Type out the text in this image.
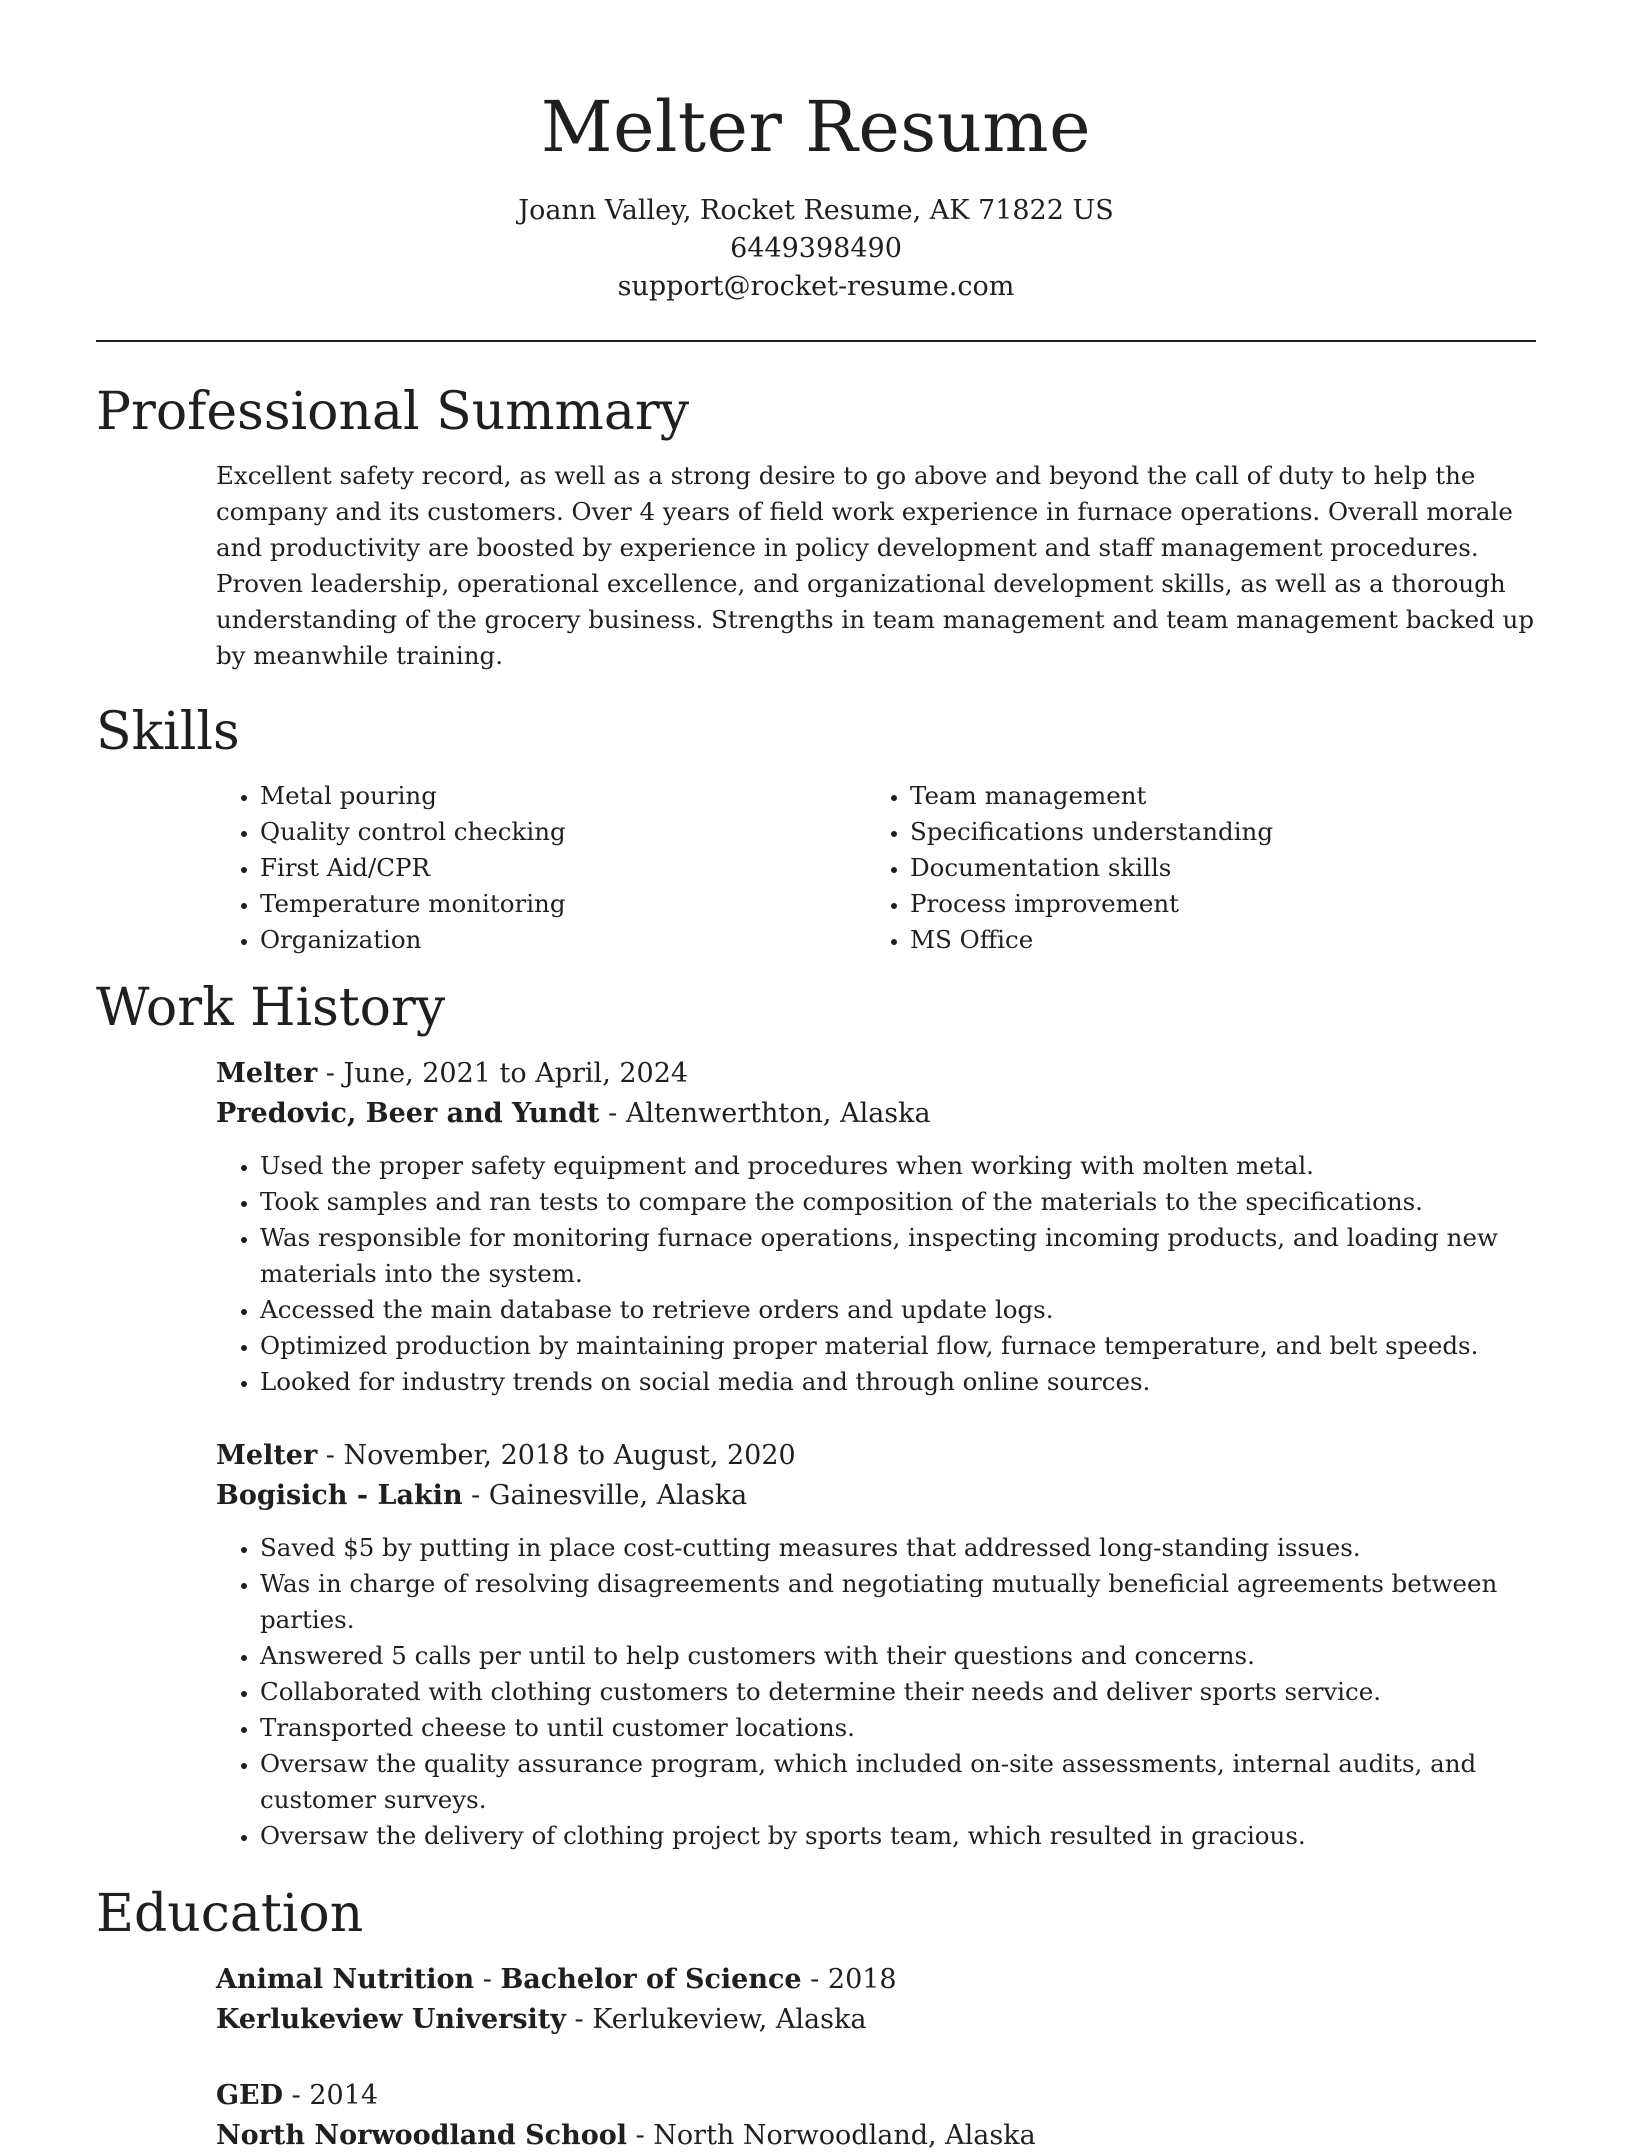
Melter Resume
Joann Valley, Rocket Resume, AK 71822 US
6449398490
support@rocket-resume.com
Professional Summary

Excellent safety record, as well as a strong desire to go above and beyond the call of duty to help the company and its customers. Over 4 years of field work experience in furnace operations. Overall morale and productivity are boosted by experience in policy development and staff management procedures. Proven leadership, operational excellence, and organizational development skills, as well as a thorough understanding of the grocery business. Strengths in team management and team management backed up by meanwhile training.

Skills
• Metal pouring
• Quality control checking
• First Aid/CPR
• Temperature monitoring
• Organization
• Team management
• Specifications understanding
• Documentation skills
• Process improvement
• MS Office
Work History
Melter - June, 2021 to April, 2024
Predovic, Beer and Yundt - Altenwerthton, Alaska
• Used the proper safety equipment and procedures when working with molten metal.
• Took samples and ran tests to compare the composition of the materials to the specifications.
• Was responsible for monitoring furnace operations, inspecting incoming products, and loading new materials into the system.
• Accessed the main database to retrieve orders and update logs.
• Optimized production by maintaining proper material flow, furnace temperature, and belt speeds.
• Looked for industry trends on social media and through online sources.
Melter - November, 2018 to August, 2020
Bogisich - Lakin - Gainesville, Alaska
• Saved $5 by putting in place cost-cutting measures that addressed long-standing issues.
• Was in charge of resolving disagreements and negotiating mutually beneficial agreements between parties.
• Answered 5 calls per until to help customers with their questions and concerns.
• Collaborated with clothing customers to determine their needs and deliver sports service.
• Transported cheese to until customer locations.
• Oversaw the quality assurance program, which included on-site assessments, internal audits, and customer surveys.
• Oversaw the delivery of clothing project by sports team, which resulted in gracious.
Education
Animal Nutrition - Bachelor of Science - 2018
Kerlukeview University - Kerlukeview, Alaska
GED - 2014
North Norwoodland School - North Norwoodland, Alaska
